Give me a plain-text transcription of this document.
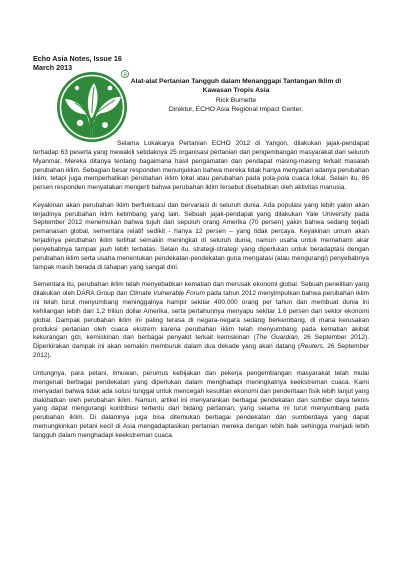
Echo Asia Notes, Issue 16
March 2013
R
Alat-alat Pertanian Tangguh dalam Menanggapi Tantangan Iklim di
Kawasan Tropis Asia
Rick Burnette
Direktur, ECHO Asia Regional Impact Center.

Selama Lokakarya Pertanian ECHO 2012 di Yangon, dilakukan jajak-pendapat terhadap 63 peserta yang mewakili setidaknya 25 organisasi pertanian dan pengembangan masyarakat dari seluruh Myanmar. Mereka ditanya tentang bagaimana hasil pengamatan dan pendapat masing-masing terkait masalah perubahan iklim. Sebagian besar responden menunjukkan bahwa mereka tidak hanya menyadari adanya perubahan iklim, tetapi juga memperhatikan perubahan iklim lokal atau perubahan pada pola-pola cuaca lokal. Selain itu, 86 persen responden menyatakan mengerti bahwa perubahan iklim tersebut disebabkan oleh aktivitas manusia.

Keyakinan akan perubahan iklim berfluktuasi dan bervariasi di seluruh dunia. Ada populasi yang lebih yakin akan terjadinya perubahan iklim ketimbang yang lain. Sebuah jajak-pendapat yang dilakukan Yale University pada September 2012 menemukan bahwa tujuh dari sepuluh orang Amerika (70 persen) yakin bahwa sedang terjadi pemanasan global, sementara relatif sedikit - hanya 12 persen – yang tidak percaya. Keyakinan umum akan terjadinya perubahan iklim terlihat semakin meningkat di seluruh dunia, namun usaha untuk memahami akar penyebabnya tampak jauh lebih terbatas. Selain itu, strategi-strategi yang diperlukan untuk beradaptasi dengan perubahan iklim serta usaha menentukan pendekatan-pendekatan guna mengatasi (atau mengurangi) penyebabnya tampak masih berada di tahapan yang sangat dini.

Sementara itu, perubahan iklim telah menyebabkan kematian dan merusak ekonomi global. Sebuah penelitian yang dilakukan oleh DARA Group dan Climate Vulnerable Forum pada tahun 2012 menyimpulkan bahwa perubahan iklim ini telah turut menyumbang meninggalnya hampir sekitar 400.000 orang per tahun dan membuat dunia ini kehilangan lebih dari 1,2 triliun dollar Amerika, serta pertahunnya menyapu sekitar 1,6 persen dari sektor ekonomi global. Dampak perubahan iklim ini paling terasa di negara-negara sedang berkembang, di mana kerusakan produksi pertanian oleh cuaca ekstrem karena perubahan iklim telah menyumbang pada kematian akibat kekurangan gizi, kemiskinan dan berbagai penyakit terkait kemiskinan (The Guardian, 26 September 2012). Diperkirakan dampak ini akan semakin memburuk dalam dua dekade yang akan datang (Reuters, 26 September 2012).

Untungnya, para petani, ilmuwan, perumus kebijakan dan pekerja pengembangan masyarakat telah mulai mengenali berbagai pendekatan yang diperlukan dalam menghadapi meningkatnya keekstreman cuaca. Kami menyadari bahwa tidak ada solusi tunggal untuk mencegah kesulitan ekonomi dan penderitaan fisik lebih lanjut yang diakibatkan oleh perubahan iklim. Namun, artikel ini menyarankan berbagai pendekatan dan sumber daya teknis yang dapat mengurangi kontribusi tertentu dari bidang pertanian, yang selama ini turut menyumbang pada perubahan iklim. Di dalamnya juga bisa ditemukan berbagai pendekatan dan sumberdaya yang dapat memungkinkan petani kecil di Asia mengadaptasikan pertanian mereka dengan lebih baik sehingga menjadi lebih tangguh dalam menghadapi keekstreman cuaca.
